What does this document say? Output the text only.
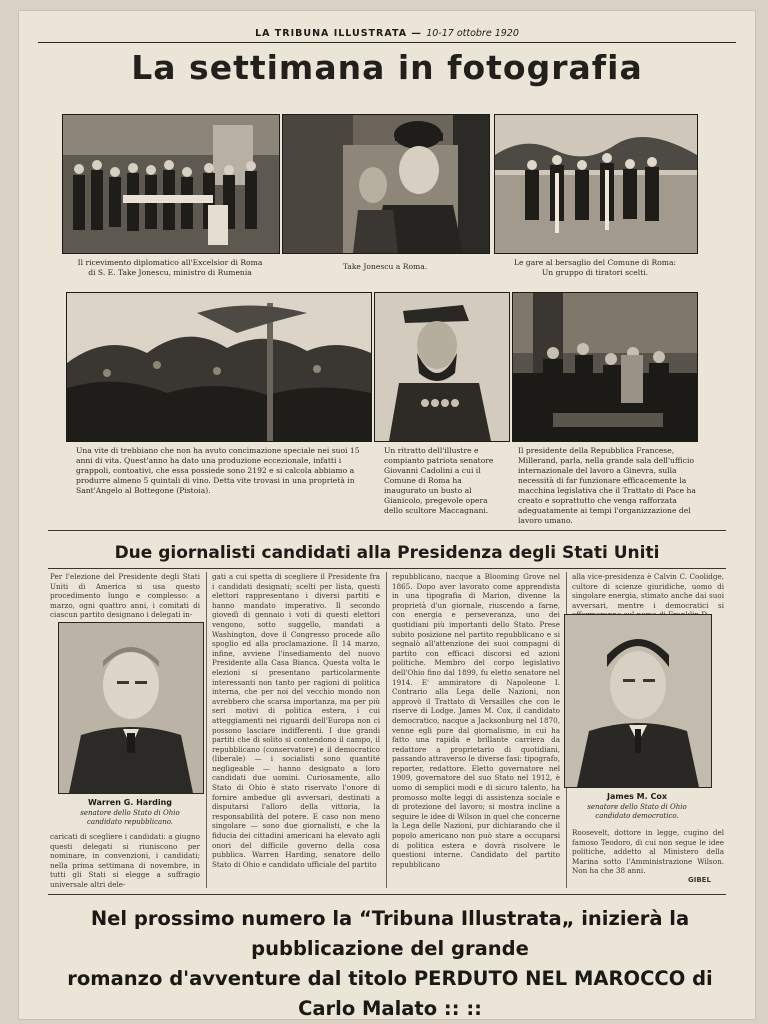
LA TRIBUNA ILLUSTRATA — 10-17 ottobre 1920
La settimana in fotografia
Il ricevimento diplomatico all'Excelsior di Roma
di S. E. Take Jonescu, ministro di Rumenia
Take Jonescu a Roma.	Le gare al bersaglio del Comune di Roma:
Un gruppo di tiratori scelti.
Una vite di trebbiano che non ha avuto concimazione speciale nei suoi 15 anni di vita. Quest'anno ha dato una produzione eccezionale, infatti i grappoli, contoativi, che essa possiede sono 2192 e si calcola abbiamo a produrre almeno 5 quintali di vino. Detta vite trovasi in una proprietà in Sant'Angelo al Bottegone (Pistoia).
Un ritratto dell'illustre e compianto patriota senatore Giovanni Cadolini a cui il Comune di Roma ha inaugurato un busto al Gianicolo, pregevole opera dello scultore Maccagnani.
Il presidente della Repubblica Francese, Millerand, parla, nella grande sala dell'ufficio internazionale del lavoro a Ginevra, sulla necessità di far funzionare efficacemente la macchina legislativa che il Trattato di Pace ha creato e soprattutto che venga rafforzata adeguatamente ai tempi l'organizzazione del lavoro umano.
Due giornalisti candidati alla Presidenza degli Stati Uniti
Per l'elezione del Presidente degli Stati Uniti di America si usa questo procedimento lungo e complesso: a marzo, ogni quattro anni, i comitati di ciascun partito designano i delegati in-
Warren G. Harding
senatore dello Stato di Ohio
candidato repubblicano.
caricati di scegliere i candidati: a giugno questi delegati si riuniscono per nominare, in convenzioni, i candidati; nella prima settimana di novembre, in tutti gli Stati si elegge a suffragio universale altri dele-
gati a cui spetta di scegliere il Presidente fra i candidati designati; scelti per lista, questi elettori rappresentano i diversi partiti e hanno mandato imperativo. Il secondo giovedì di gennaio i voti di questi elettori vengono, sotto suggello, mandati a Washington, dove il Congresso procede allo spoglio ed alla proclamazione. Il 14 marzo, infine, avviene l'insediamento del nuovo Presidente alla Casa Bianca. Questa volta le elezioni si presentano particolarmente interessanti non tanto per ragioni di politica interna, che per noi del vecchio mondo non avrebbero che scarsa importanza, ma per più seri motivi di politica estera, i cui atteggiamenti nei riguardi dell'Europa non ci possono lasciare indifferenti. I due grandi partiti che di solito si contendono il campo, il repubblicano (conservatore) e il democratico (liberale) — i socialisti sono quantité negligeable — hanno designato a loro candidati due uomini. Curiosamente, allo Stato di Ohio è stato riservato l'onore di fornire ambedue gli avversari, destinati a disputarsi l'alloro della vittoria, la responsabilità del potere. E caso non meno singolare — sono due giornalisti, e che la fiducia dei cittadini americani ha elevato agli onori del difficile governo della cosa pubblica. Warren Harding, senatore dello Stato di Ohio e candidato ufficiale del partito
repubblicano, nacque a Blooming Grove nel 1865. Dopo aver lavorato come apprendista in una tipografia di Marion, divenne la proprietà d'un giornale, riuscendo a farne, con energia e perseveranza, uno dei quotidiani più importanti dello Stato. Prese subito posizione nel partito repubblicano e si segnalò all'attenzione dei suoi compagni di partito con efficaci discorsi ed azioni politiche. Membro del corpo legislativo dell'Ohio fino dal 1899, fu eletto senatore nel 1914. E' ammiratore di Napoleone I. Contrario alla Lega delle Nazioni, non approvò il Trattato di Versailles che con le riserve di Lodge. James M. Cox, il candidato democratico, nacque a Jacksonburg nel 1870, venne egli pure dal giornalismo, in cui ha fatto una rapida e brillante carriera da redattore a proprietario di quotidiani, passando attraverso le diverse fasi: tipografo, reporter, redattore. Eletto governatore nel 1909, governatore del suo Stato nel 1912, è uomo di semplici modi e di sicuro talento, ha promosso molte leggi di assistenza sociale e di protezione del lavoro; si mostra incline a seguire le idee di Wilson in quel che concerne la Lega delle Nazioni, pur dichiarando che il popolo americano non può stare a occuparsi di politica estera e dovrà risolvere le questioni interne. Candidato del partito repubblicano
alla vice-presidenza è Calvin C. Coolidge, cultore di scienze giuridiche, uomo di singolare energia, stimato anche dai suoi avversari, mentre i democratici si
James M. Cox
senatore dello Stato di Ohio
candidato democratico.
Roosevelt, dottore in legge, cugino del famoso Teodoro, di cui non segue le idee politiche, addetto al Ministero della Marina sotto l'Amministrazione Wilson. Non ha che 38 anni.
GIBEL
Nel prossimo numero la “Tribuna Illustrata„ inizierà la pubblicazione del grande
romanzo d'avventure dal titolo PERDUTO NEL MAROCCO di Carlo Malato :: ::
